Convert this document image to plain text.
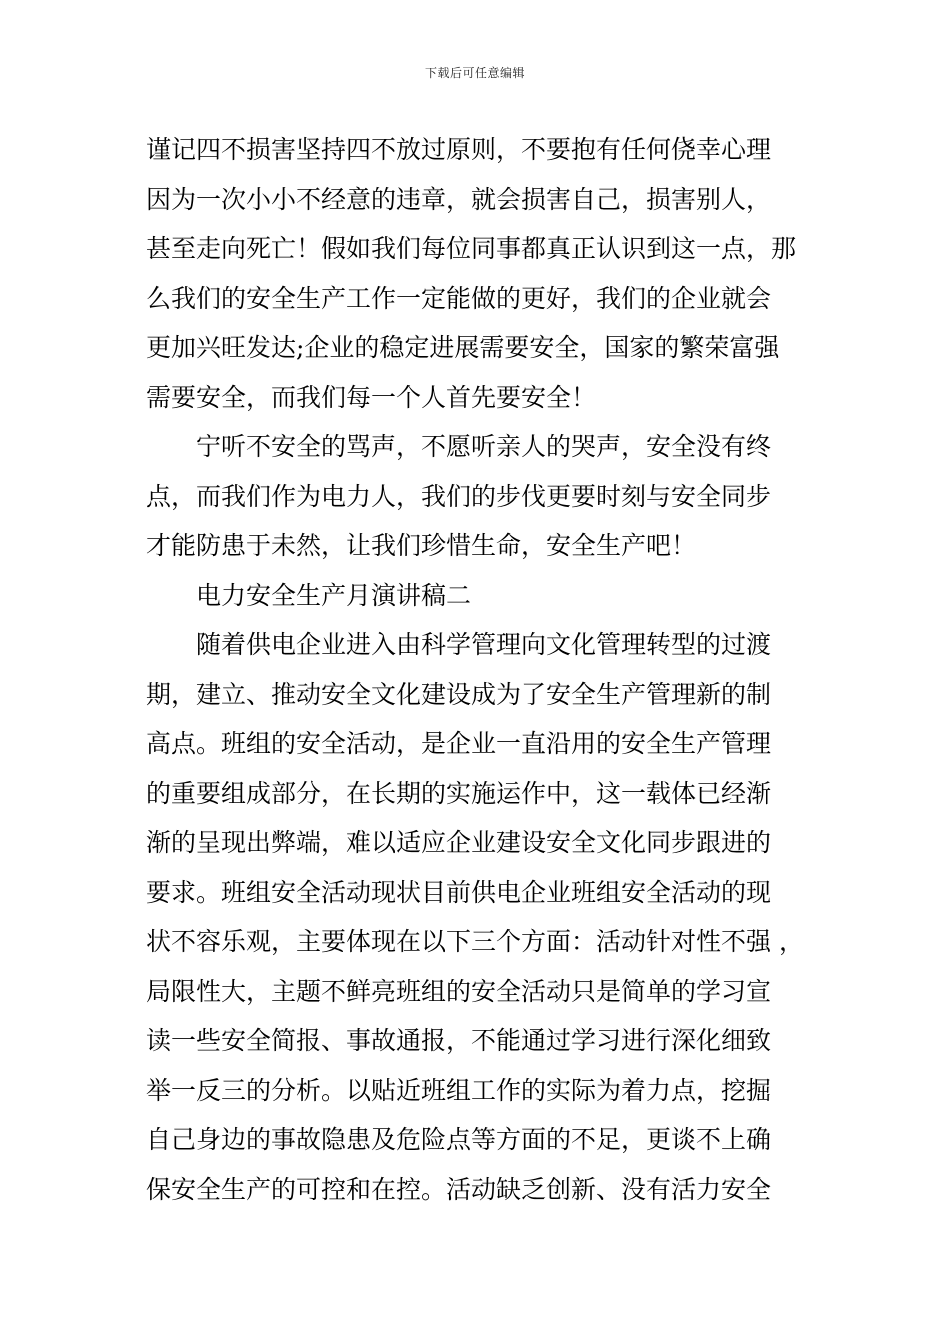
下载后可任意编辑
谨记四不损害坚持四不放过原则，不要抱有任何侥幸心理
因为一次小小不经意的违章，就会损害自己，损害别人，
甚至走向死亡！假如我们每位同事都真正认识到这一点，那
么我们的安全生产工作一定能做的更好，我们的企业就会
更加兴旺发达;企业的稳定进展需要安全，国家的繁荣富强
需要安全，而我们每一个人首先要安全！
宁听不安全的骂声，不愿听亲人的哭声，安全没有终
点，而我们作为电力人，我们的步伐更要时刻与安全同步
才能防患于未然，让我们珍惜生命，安全生产吧！
电力安全生产月演讲稿二
随着供电企业进入由科学管理向文化管理转型的过渡
期，建立、推动安全文化建设成为了安全生产管理新的制
高点。班组的安全活动，是企业一直沿用的安全生产管理
的重要组成部分，在长期的实施运作中，这一载体已经渐
渐的呈现出弊端，难以适应企业建设安全文化同步跟进的
要求。班组安全活动现状目前供电企业班组安全活动的现
状不容乐观，主要体现在以下三个方面：活动针对性不强 ，
局限性大，主题不鲜亮班组的安全活动只是简单的学习宣
读一些安全简报、事故通报，不能通过学习进行深化细致
举一反三的分析。以贴近班组工作的实际为着力点，挖掘
自己身边的事故隐患及危险点等方面的不足，更谈不上确
保安全生产的可控和在控。活动缺乏创新、没有活力安全
